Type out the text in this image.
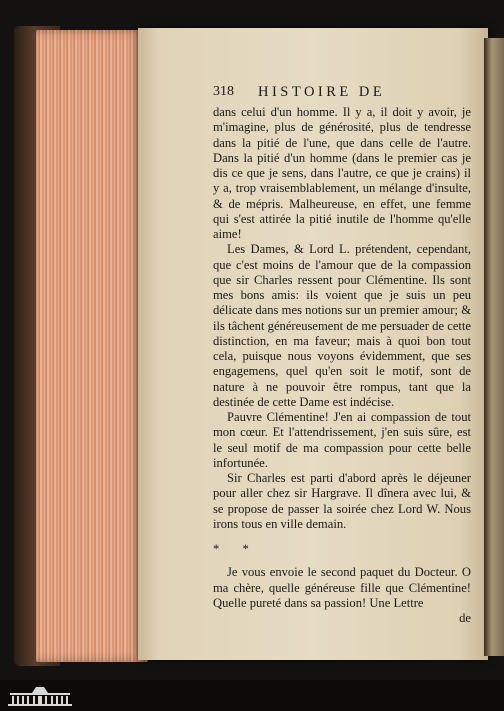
318 HISTOIRE DE

dans celui d'un homme. Il y a, il doit y avoir, je m'imagine, plus de générosité, plus de tendresse dans la pitié de l'une, que dans celle de l'autre. Dans la pitié d'un homme (dans le premier cas je dis ce que je sens, dans l'autre, ce que je crains) il y a, trop vraisemblablement, un mélange d'insulte, & de mépris. Malheureuse, en effet, une femme qui s'est attirée la pitié inutile de l'homme qu'elle aime!

Les Dames, & Lord L. prétendent, cependant, que c'est moins de l'amour que de la compassion que sir Charles ressent pour Clémentine. Ils sont mes bons amis: ils voient que je suis un peu délicate dans mes notions sur un premier amour; & ils tâchent généreusement de me persuader de cette distinction, en ma faveur; mais à quoi bon tout cela, puisque nous voyons évidemment, que ses engagemens, quel qu'en soit le motif, sont de nature à ne pouvoir être rompus, tant que la destinée de cette Dame est indécise.

Pauvre Clémentine! J'en ai compassion de tout mon cœur. Et l'attendrissement, j'en suis sûre, est le seul motif de ma compassion pour cette belle infortunée.

Sir Charles est parti d'abord après le déjeuner pour aller chez sir Hargrave. Il dînera avec lui, & se propose de passer la soirée chez Lord W. Nous irons tous en ville demain.

* *

Je vous envoie le second paquet du Docteur. O ma chère, quelle généreuse fille que Clémentine! Quelle pureté dans sa passion! Une Lettre

de
